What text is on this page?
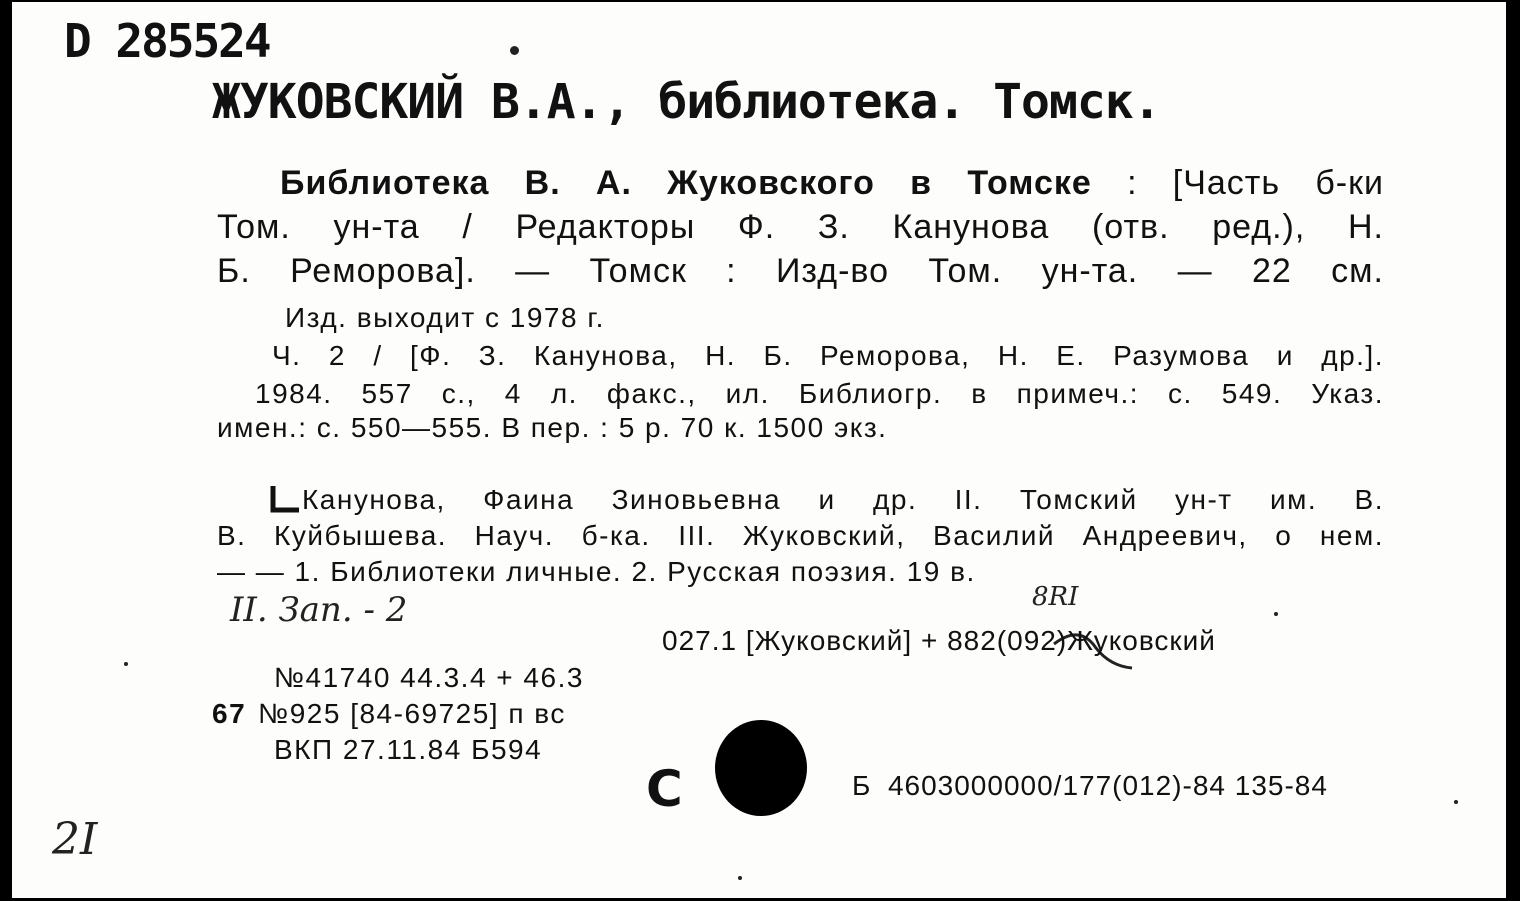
D 285524
ЖУКОВСКИЙ В.А., библиотека. Томск.
Библиотека В. А. Жуковского в Томске : [Часть б-ки
Том. ун-та / Редакторы Ф. З. Канунова (отв. ред.), Н.
Б. Реморова]. — Томск : Изд-во Том. ун-та. — 22 см.
Изд. выходит с 1978 г.
Ч. 2 / [Ф. З. Канунова, Н. Б. Реморова, Н. Е. Разумова и др.].
1984. 557 с., 4 л. факс., ил. Библиогр. в примеч.: с. 549. Указ.
имен.: с. 550—555. В пер. : 5 р. 70 к. 1500 экз.
Канунова, Фаина Зиновьевна и др. II. Томский ун-т им. В.
В. Куйбышева. Науч. б-ка. III. Жуковский, Василий Андреевич, о нем.
— — 1. Библиотеки личные. 2. Русская поэзия. 19 в.
II. Зап. - 2	8RI
027.1 [Жуковский] + 882(092)Жуковский
№41740 44.3.4 + 46.3
67 №925 [84-69725] п вс
ВКП 27.11.84 Б594
С	Б 4603000000/177(012)-84 135-84
2I
